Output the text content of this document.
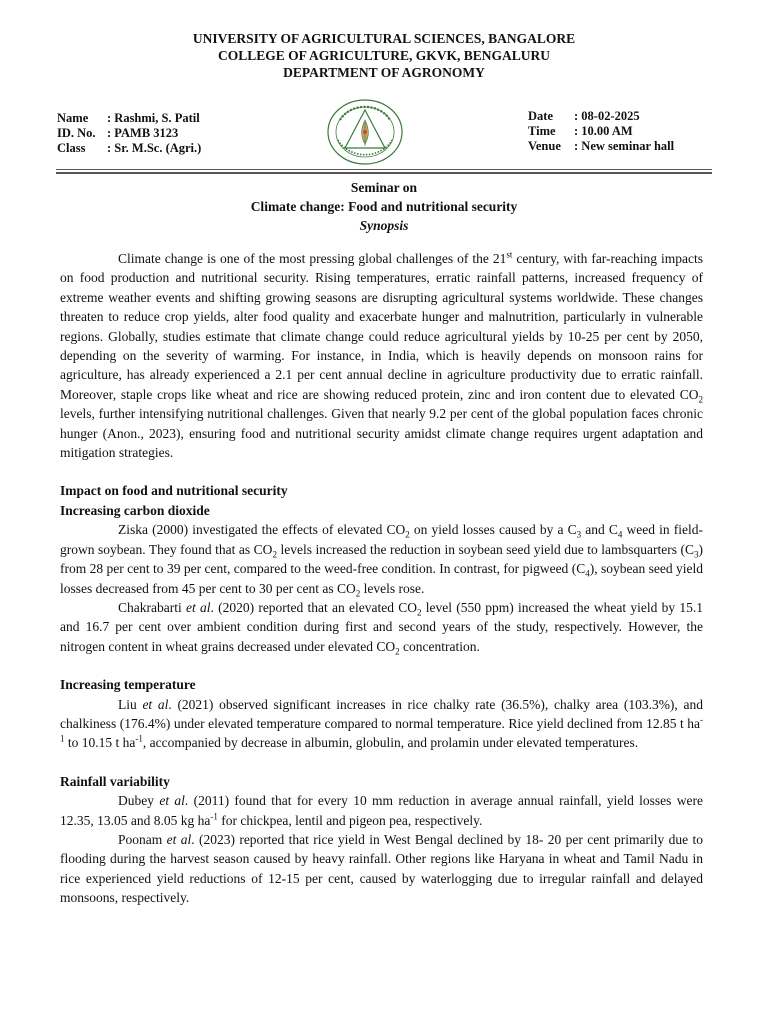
UNIVERSITY OF AGRICULTURAL SCIENCES, BANGALORE
COLLEGE OF AGRICULTURE, GKVK, BENGALURU
DEPARTMENT OF AGRONOMY
Name : Rashmi, S. Patil
ID. No. : PAMB 3123
Class : Sr. M.Sc. (Agri.)
Date : 08-02-2025
Time : 10.00 AM
Venue : New seminar hall
Seminar on
Climate change: Food and nutritional security
Synopsis

Climate change is one of the most pressing global challenges of the 21st century, with far-reaching impacts on food production and nutritional security. Rising temperatures, erratic rainfall patterns, increased frequency of extreme weather events and shifting growing seasons are disrupting agricultural systems worldwide. These changes threaten to reduce crop yields, alter food quality and exacerbate hunger and malnutrition, particularly in vulnerable regions. Globally, studies estimate that climate change could reduce agricultural yields by 10-25 per cent by 2050, depending on the severity of warming. For instance, in India, which is heavily depends on monsoon rains for agriculture, has already experienced a 2.1 per cent annual decline in agriculture productivity due to erratic rainfall. Moreover, staple crops like wheat and rice are showing reduced protein, zinc and iron content due to elevated $CO_2$ levels, further intensifying nutritional challenges. Given that nearly 9.2 per cent of the global population faces chronic hunger (Anon., 2023), ensuring food and nutritional security amidst climate change requires urgent adaptation and mitigation strategies.

Impact on food and nutritional security

Increasing carbon dioxide

Ziska (2000) investigated the effects of elevated $CO_2$ on yield losses caused by a $C_3$ and $C_4$ weed in field-grown soybean. They found that as $CO_2$ levels increased the reduction in soybean seed yield due to lambsquarters $(C_3)$ from 28 per cent to 39 per cent, compared to the weed-free condition. In contrast, for pigweed $(C_4)$, soybean seed yield losses decreased from 45 per cent to 30 per cent as $CO_2$ levels rose.

Chakrabarti et al. (2020) reported that an elevated $CO_2$ level (550 ppm) increased the wheat yield by 15.1 and 16.7 per cent over ambient condition during first and second years of the study, respectively. However, the nitrogen content in wheat grains decreased under elevated $CO_2$ concentration.

Increasing temperature

Liu et al. (2021) observed significant increases in rice chalky rate (36.5%), chalky area (103.3%), and chalkiness (176.4%) under elevated temperature compared to normal temperature. Rice yield declined from 12.85 t $ha^{-1}$ to 10.15 t $ha^{-1}$, accompanied by decrease in albumin, globulin, and prolamin under elevated temperatures.

Rainfall variability

Dubey et al. (2011) found that for every 10 mm reduction in average annual rainfall, yield losses were 12.35, 13.05 and 8.05 kg $ha^{-1}$ for chickpea, lentil and pigeon pea, respectively.

Poonam et al. (2023) reported that rice yield in West Bengal declined by 18- 20 per cent primarily due to flooding during the harvest season caused by heavy rainfall. Other regions like Haryana in wheat and Tamil Nadu in rice experienced yield reductions of 12-15 per cent, caused by waterlogging due to irregular rainfall and delayed monsoons, respectively.
